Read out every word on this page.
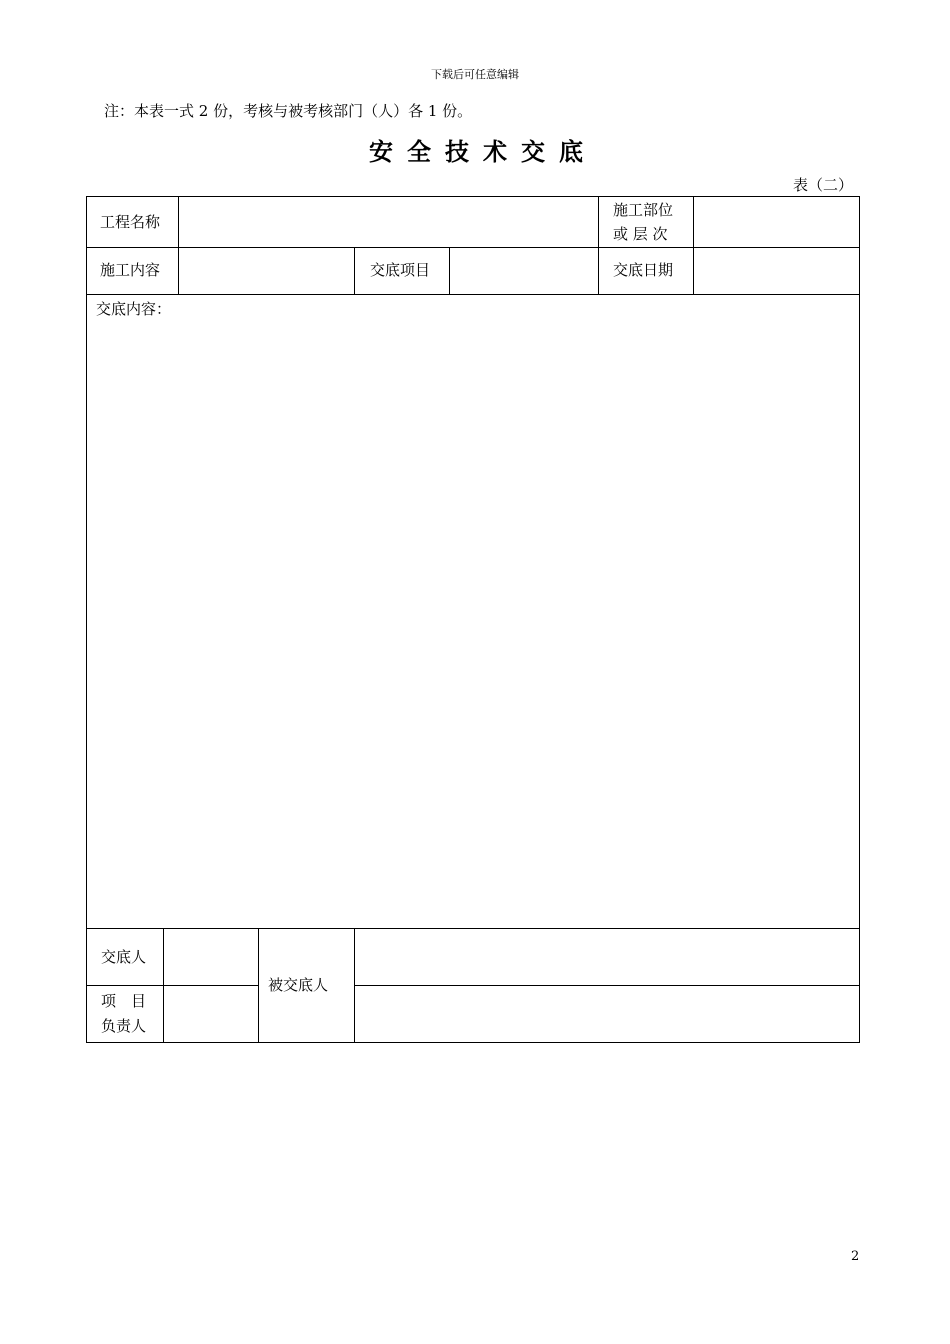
下载后可任意编辑
注：本表一式 2 份，考核与被考核部门（人）各 1 份。
安全技术交底
表（二）
工程名称
施工部位
或 层 次
施工内容	交底项目	交底日期
交底内容：
交底人
项　目
负责人
被交底人
2
